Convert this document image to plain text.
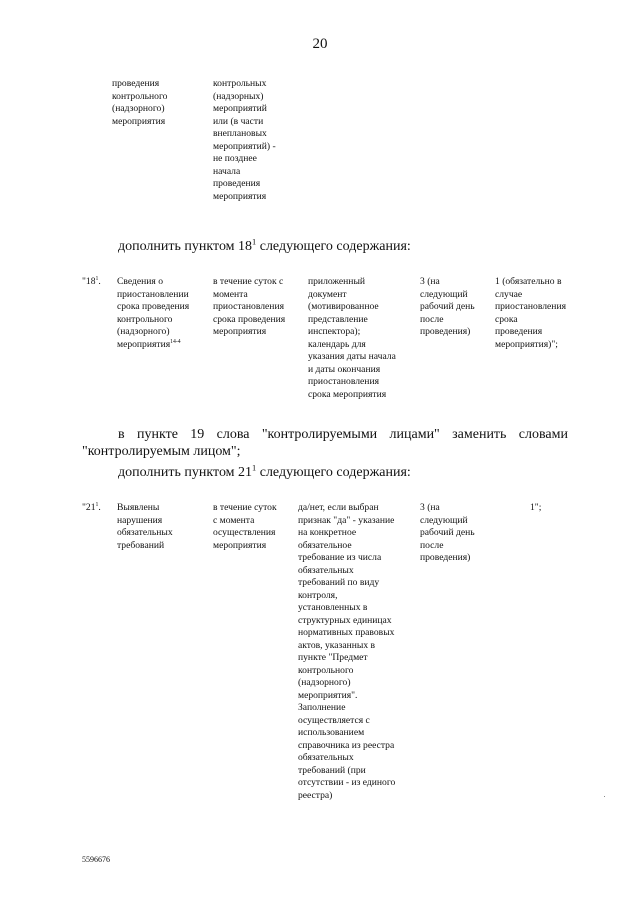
20
проведения
контрольного
(надзорного)
мероприятия
контрольных
(надзорных)
мероприятий
или (в части
внеплановых
мероприятий) -
не позднее
начала
проведения
мероприятия
дополнить пунктом $18^1$ следующего содержания:
"$18^1$. Сведения о
приостановлении
срока проведения
контрольного
(надзорного)
мероприятия$^{14-4}$
в течение суток с
момента
приостановления
срока проведения
мероприятия
приложенный
документ
(мотивированное
представление
инспектора);
календарь для
указания даты начала
и даты окончания
приостановления
срока мероприятия
3 (на
следующий
рабочий день
после
проведения)
1 (обязательно в
случае
приостановления
срока
проведения
мероприятия)";
в пункте 19 слова "контролируемыми лицами" заменить словами "контролируемым лицом";
дополнить пунктом $21^1$ следующего содержания:
"$21^1$. Выявлены
нарушения
обязательных
требований
в течение суток
с момента
осуществления
мероприятия
да/нет, если выбран
признак "да" - указание
на конкретное
обязательное
требование из числа
обязательных
требований по виду
контроля,
установленных в
структурных единицах
нормативных правовых
актов, указанных в
пункте "Предмет
контрольного
(надзорного)
мероприятия".
Заполнение
осуществляется с
использованием
справочника из реестра
обязательных
требований (при
отсутствии - из единого
реестра)
3 (на
следующий
рабочий день
после
проведения)
1";
5596676
